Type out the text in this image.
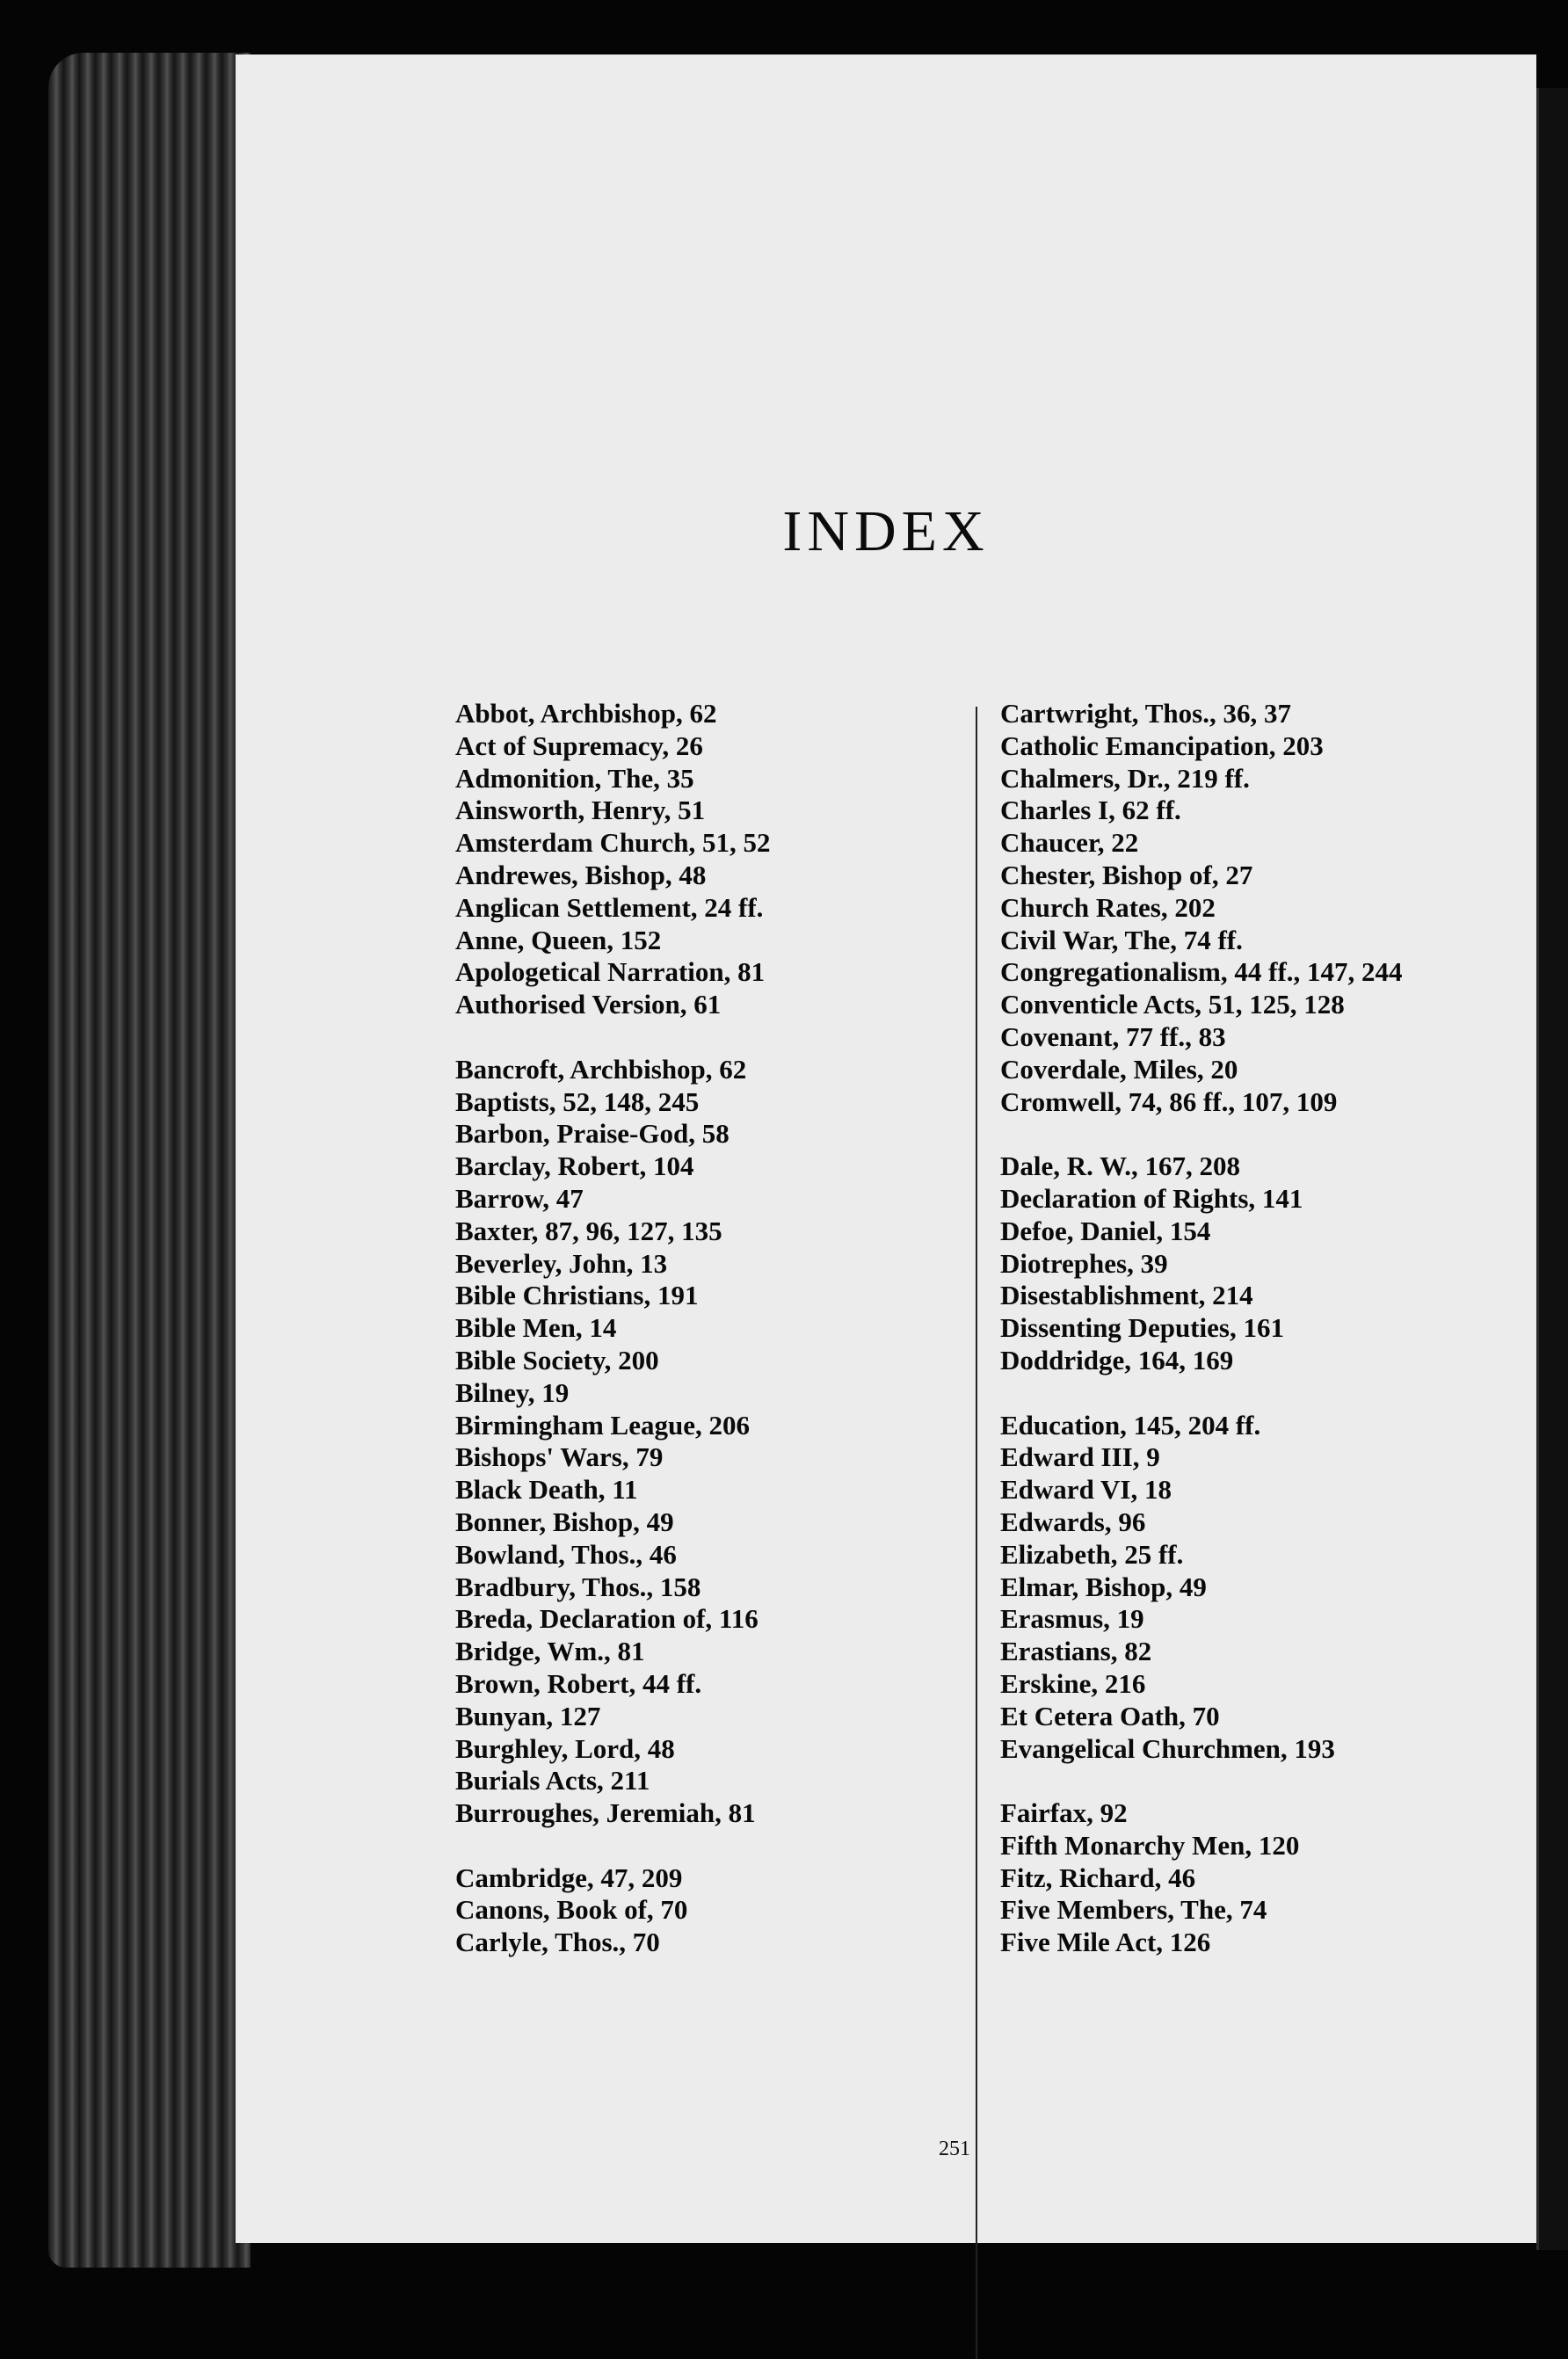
INDEX
Abbot, Archbishop, 62
Act of Supremacy, 26
Admonition, The, 35
Ainsworth, Henry, 51
Amsterdam Church, 51, 52
Andrewes, Bishop, 48
Anglican Settlement, 24 ff.
Anne, Queen, 152
Apologetical Narration, 81
Authorised Version, 61
Bancroft, Archbishop, 62
Baptists, 52, 148, 245
Barbon, Praise-God, 58
Barclay, Robert, 104
Barrow, 47
Baxter, 87, 96, 127, 135
Beverley, John, 13
Bible Christians, 191
Bible Men, 14
Bible Society, 200
Bilney, 19
Birmingham League, 206
Bishops' Wars, 79
Black Death, 11
Bonner, Bishop, 49
Bowland, Thos., 46
Bradbury, Thos., 158
Breda, Declaration of, 116
Bridge, Wm., 81
Brown, Robert, 44 ff.
Bunyan, 127
Burghley, Lord, 48
Burials Acts, 211
Burroughes, Jeremiah, 81
Cambridge, 47, 209
Canons, Book of, 70
Carlyle, Thos., 70
Cartwright, Thos., 36, 37
Catholic Emancipation, 203
Chalmers, Dr., 219 ff.
Charles I, 62 ff.
Chaucer, 22
Chester, Bishop of, 27
Church Rates, 202
Civil War, The, 74 ff.
Congregationalism, 44 ff., 147, 244
Conventicle Acts, 51, 125, 128
Covenant, 77 ff., 83
Coverdale, Miles, 20
Cromwell, 74, 86 ff., 107, 109
Dale, R. W., 167, 208
Declaration of Rights, 141
Defoe, Daniel, 154
Diotrephes, 39
Disestablishment, 214
Dissenting Deputies, 161
Doddridge, 164, 169
Education, 145, 204 ff.
Edward III, 9
Edward VI, 18
Edwards, 96
Elizabeth, 25 ff.
Elmar, Bishop, 49
Erasmus, 19
Erastians, 82
Erskine, 216
Et Cetera Oath, 70
Evangelical Churchmen, 193
Fairfax, 92
Fifth Monarchy Men, 120
Fitz, Richard, 46
Five Members, The, 74
Five Mile Act, 126
251
